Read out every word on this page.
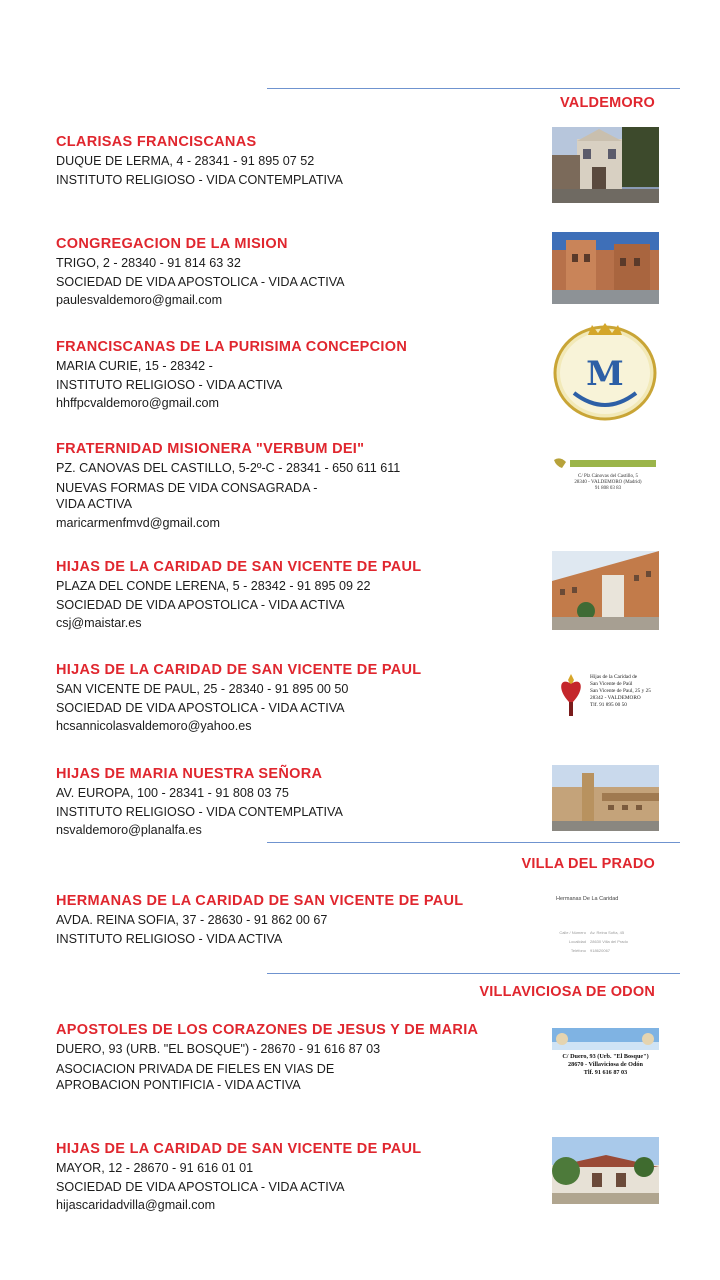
VALDEMORO
VILLA DEL PRADO
VILLAVICIOSA DE ODON
CLARISAS FRANCISCANAS
DUQUE DE LERMA, 4 - 28341 - 91 895 07 52
INSTITUTO RELIGIOSO - VIDA CONTEMPLATIVA
CONGREGACION DE LA MISION
TRIGO, 2 - 28340 - 91 814 63 32
SOCIEDAD DE VIDA APOSTOLICA - VIDA ACTIVA
paulesvaldemoro@gmail.com
FRANCISCANAS DE LA PURISIMA CONCEPCION
MARIA CURIE, 15 - 28342 -
INSTITUTO RELIGIOSO - VIDA ACTIVA
hhffpcvaldemoro@gmail.com
FRATERNIDAD MISIONERA "VERBUM DEI"
PZ. CANOVAS DEL CASTILLO, 5-2º-C - 28341 - 650 611 611
NUEVAS FORMAS DE VIDA CONSAGRADA -
VIDA ACTIVA
maricarmenfmvd@gmail.com
HIJAS DE LA CARIDAD DE SAN VICENTE DE PAUL
PLAZA DEL CONDE LERENA, 5 - 28342 - 91 895 09 22
SOCIEDAD DE VIDA APOSTOLICA - VIDA ACTIVA
csj@maistar.es
HIJAS DE LA CARIDAD DE SAN VICENTE DE PAUL
SAN VICENTE DE PAUL, 25 - 28340 - 91 895 00 50
SOCIEDAD DE VIDA APOSTOLICA - VIDA ACTIVA
hcsannicolasvaldemoro@yahoo.es
HIJAS DE MARIA NUESTRA SEÑORA
AV. EUROPA, 100 - 28341 - 91 808 03 75
INSTITUTO RELIGIOSO - VIDA CONTEMPLATIVA
nsvaldemoro@planalfa.es
HERMANAS DE LA CARIDAD DE SAN VICENTE DE PAUL
AVDA. REINA SOFIA, 37 - 28630 - 91 862 00 67
INSTITUTO RELIGIOSO - VIDA ACTIVA
APOSTOLES DE LOS CORAZONES DE JESUS Y DE MARIA
DUERO, 93 (URB. "EL BOSQUE") - 28670 - 91 616 87 03
ASOCIACION PRIVADA DE FIELES EN VIAS DE
APROBACION PONTIFICIA - VIDA ACTIVA
HIJAS DE LA CARIDAD DE SAN VICENTE DE PAUL
MAYOR, 12 - 28670 - 91 616 01 01
SOCIEDAD DE VIDA APOSTOLICA - VIDA ACTIVA
hijascaridadvilla@gmail.com
M
C/ Plz Cánovas del Castillo, 5
28340 - VALDEMORO (Madrid)
91 808 03 83
Hijas de la Caridad de
San Vicente de Paúl
San Vicente de Paul, 25 y 25
28342 - VALDEMORO
Tlf. 91 895 00 50
Hermanas De La Caridad
Calle / Número Av. Reina Sofía, 45
Localidad 28630 Villa del Prado
Teléfono 918620067
C/ Duero, 93 (Urb. "El Bosque")
28670 - Villaviciosa de Odón
Tlf. 91 616 87 03
